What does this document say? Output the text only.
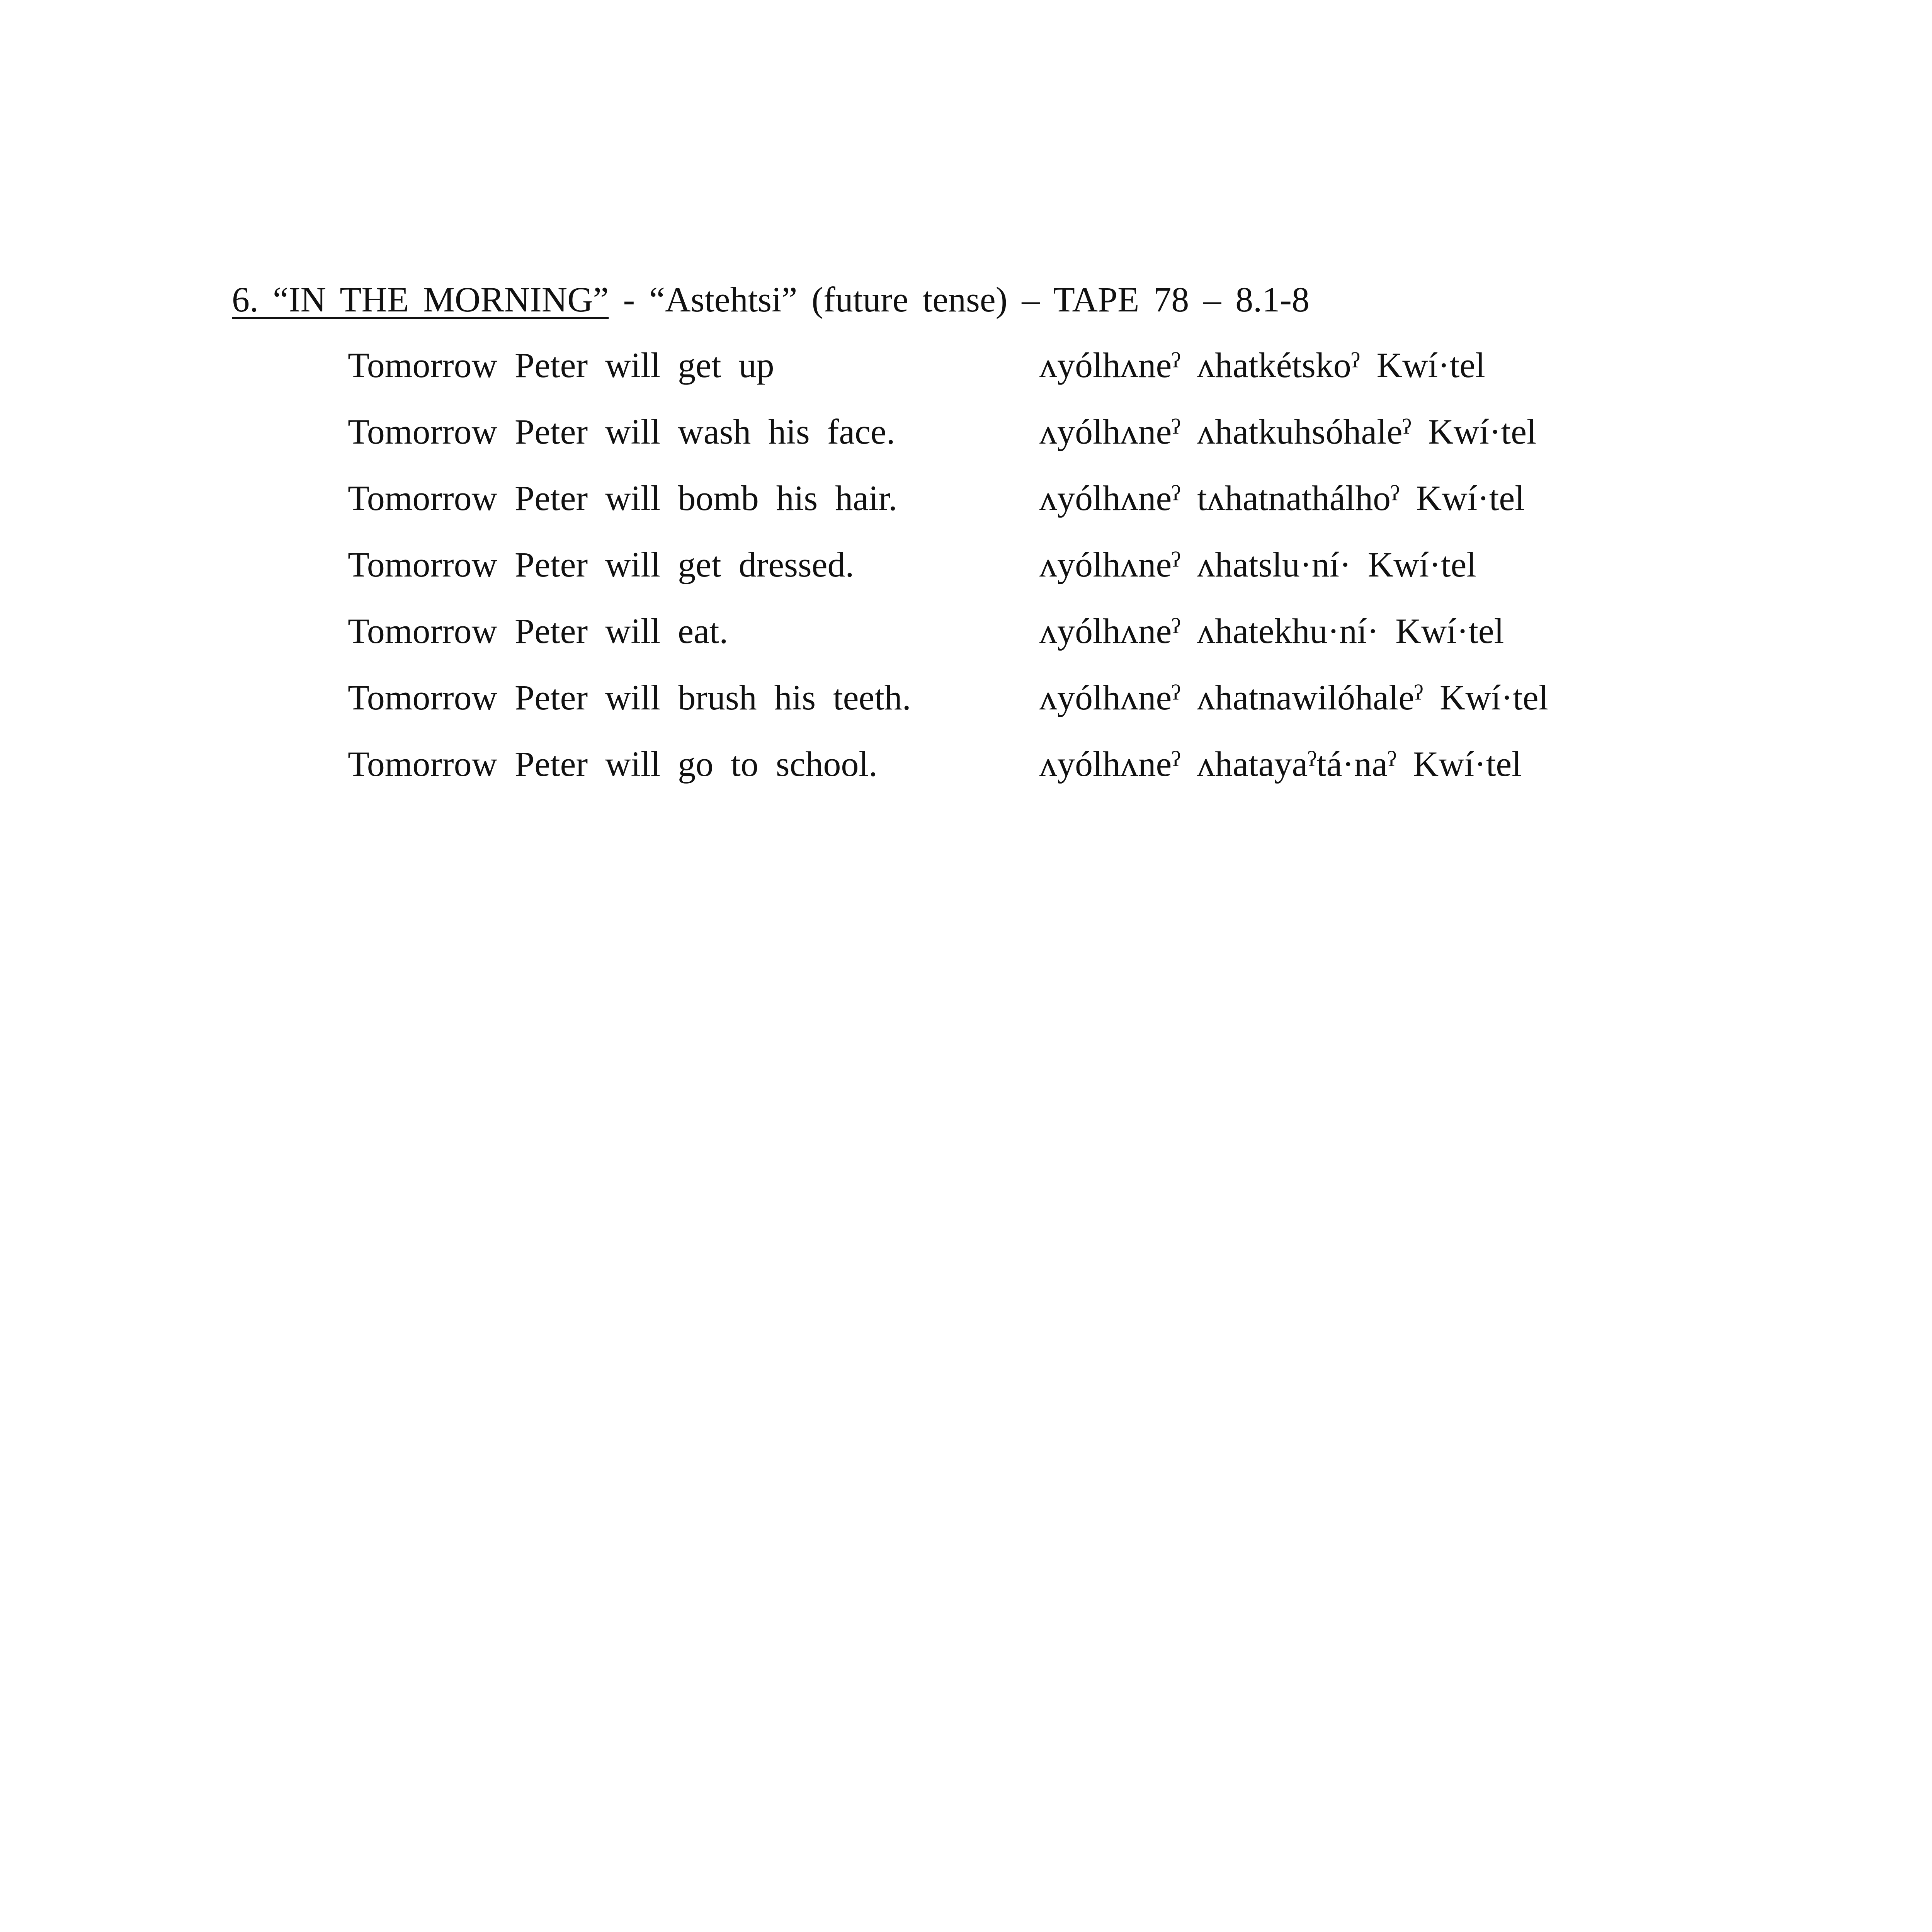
6. “IN THE MORNING” - “Astehtsi” (future tense) – TAPE 78 – 8.1-8
Tomorrow Peter will get up	ʌyólhʌneˀ ʌhatkétskoˀ Kwí·tel
Tomorrow Peter will wash his face.	ʌyólhʌneˀ ʌhatkuhsóhaleˀ Kwí·tel
Tomorrow Peter will bomb his hair.	ʌyólhʌneˀ tʌhatnathálhoˀ Kwí·tel
Tomorrow Peter will get dressed.	ʌyólhʌneˀ ʌhatslu·ní· Kwí·tel
Tomorrow Peter will eat.	ʌyólhʌneˀ ʌhatekhu·ní· Kwí·tel
Tomorrow Peter will brush his teeth.	ʌyólhʌneˀ ʌhatnawilóhaleˀ Kwí·tel
Tomorrow Peter will go to school.	ʌyólhʌneˀ ʌhatayaˀtá·naˀ Kwí·tel
